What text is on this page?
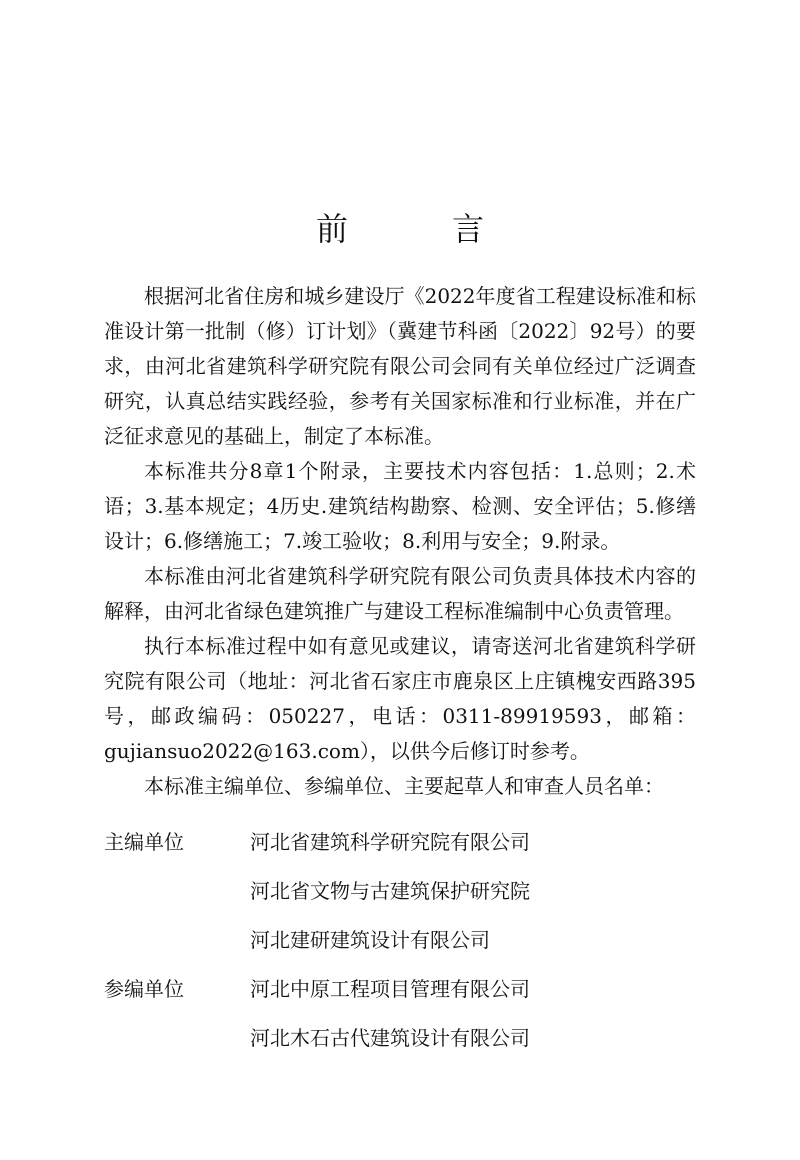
前　言

根据河北省住房和城乡建设厅《2022年度省工程建设标准和标准设计第一批制（修）订计划》（冀建节科函〔2022〕92号）的要求，由河北省建筑科学研究院有限公司会同有关单位经过广泛调查研究，认真总结实践经验，参考有关国家标准和行业标准，并在广泛征求意见的基础上，制定了本标准。

本标准共分8章1个附录，主要技术内容包括：1.总则；2.术语；3.基本规定；4历史.建筑结构勘察、检测、安全评估；5.修缮设计；6.修缮施工；7.竣工验收；8.利用与安全；9.附录。

本标准由河北省建筑科学研究院有限公司负责具体技术内容的解释，由河北省绿色建筑推广与建设工程标准编制中心负责管理。

执行本标准过程中如有意见或建议，请寄送河北省建筑科学研究院有限公司（地址：河北省石家庄市鹿泉区上庄镇槐安西路395号，邮政编码：050227，电话：0311-89919593，邮箱：gujiansuo2022@163.com），以供今后修订时参考。

本标准主编单位、参编单位、主要起草人和审查人员名单：

主编单位	河北省建筑科学研究院有限公司
河北省文物与古建筑保护研究院
河北建研建筑设计有限公司
参编单位	河北中原工程项目管理有限公司
河北木石古代建筑设计有限公司
